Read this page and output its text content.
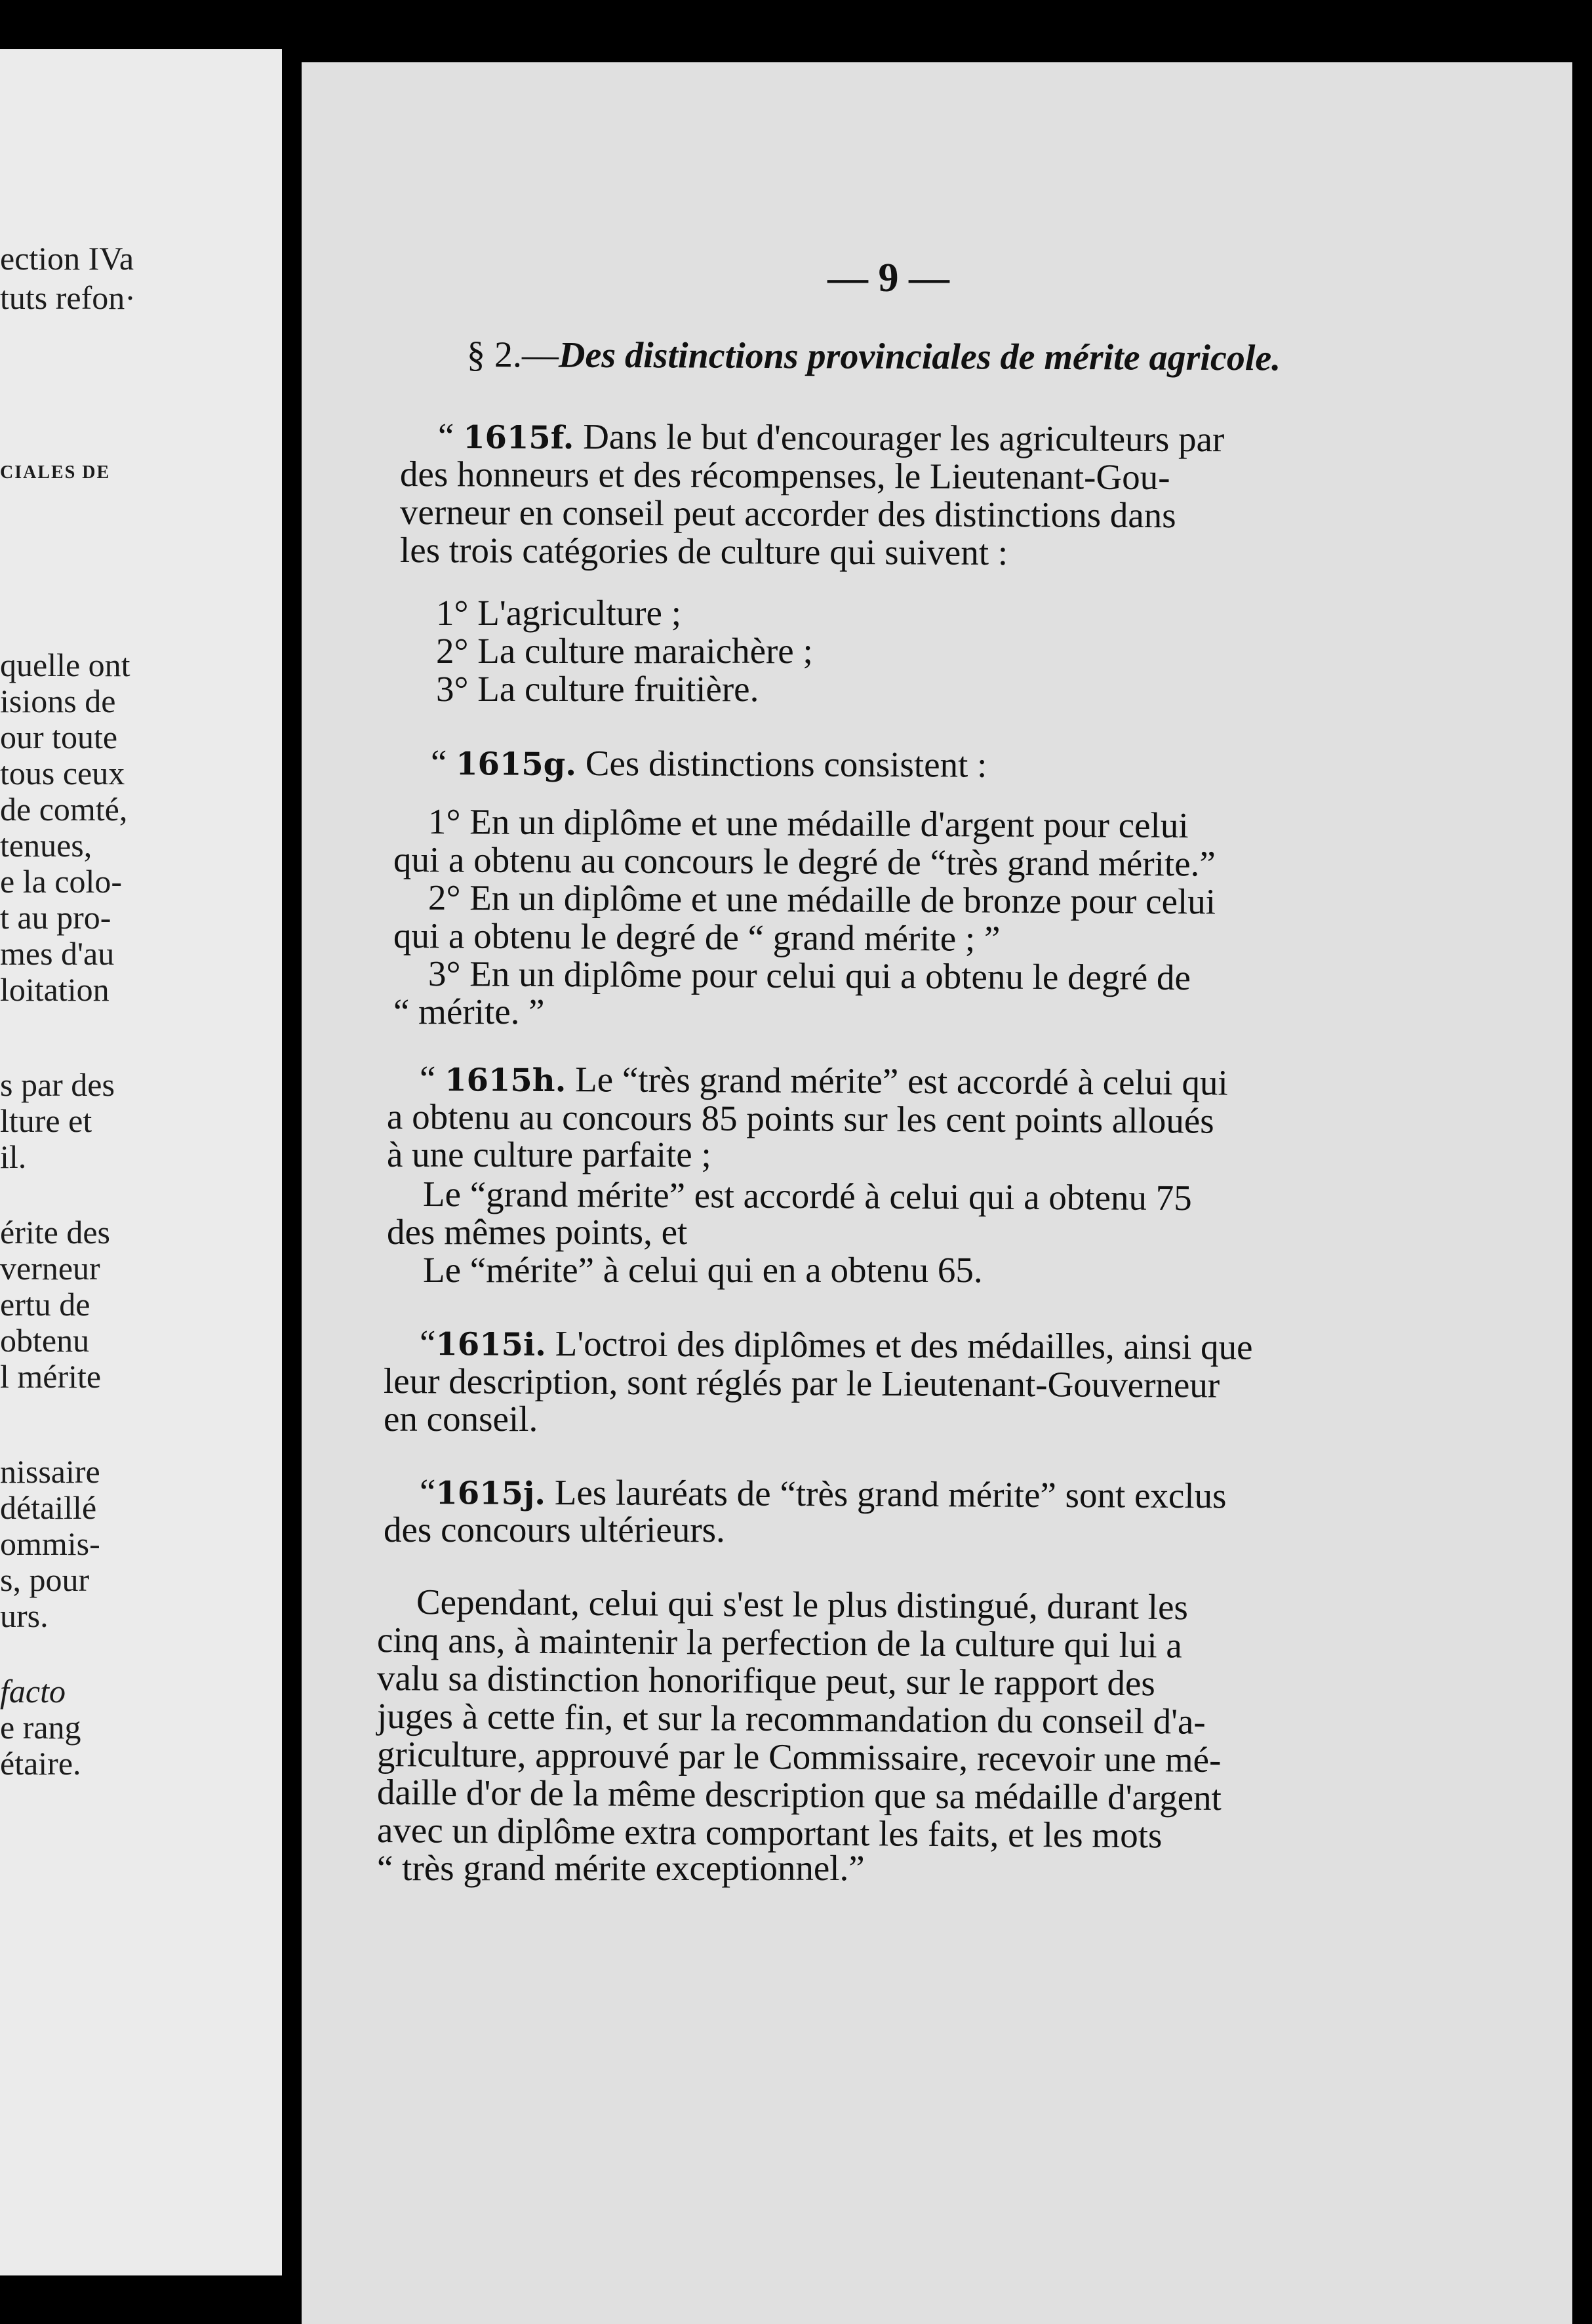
ection IVa
tuts refon·
CIALES DE
quelle ont
isions de
our toute
tous ceux
de comté,
tenues,
e la colo-
t au pro-
mes d'au
loitation
s par des
lture et
il.
érite des
verneur
ertu de
obtenu
l mérite
nissaire
détaillé
ommis-
s, pour
urs.
facto
e rang
étaire.
— 9 —
§ 2.—Des distinctions provinciales de mérite agricole.
“ 1615f. Dans le but d'encourager les agriculteurs par
des honneurs et des récompenses, le Lieutenant-Gou-
verneur en conseil peut accorder des distinctions dans
les trois catégories de culture qui suivent :
1° L'agriculture ;
2° La culture maraichère ;
3° La culture fruitière.
“ 1615g. Ces distinctions consistent :
1° En un diplôme et une médaille d'argent pour celui
qui a obtenu au concours le degré de “très grand mérite.”
2° En un diplôme et une médaille de bronze pour celui
qui a obtenu le degré de “ grand mérite ; ”
3° En un diplôme pour celui qui a obtenu le degré de
“ mérite. ”
“ 1615h. Le “très grand mérite” est accordé à celui qui
a obtenu au concours 85 points sur les cent points alloués
à une culture parfaite ;
Le “grand mérite” est accordé à celui qui a obtenu 75
des mêmes points, et
Le “mérite” à celui qui en a obtenu 65.
“1615i. L'octroi des diplômes et des médailles, ainsi que
leur description, sont réglés par le Lieutenant-Gouverneur
en conseil.
“1615j. Les lauréats de “très grand mérite” sont exclus
des concours ultérieurs.
Cependant, celui qui s'est le plus distingué, durant les
cinq ans, à maintenir la perfection de la culture qui lui a
valu sa distinction honorifique peut, sur le rapport des
juges à cette fin, et sur la recommandation du conseil d'a-
griculture, approuvé par le Commissaire, recevoir une mé-
daille d'or de la même description que sa médaille d'argent
avec un diplôme extra comportant les faits, et les mots
“ très grand mérite exceptionnel.”
